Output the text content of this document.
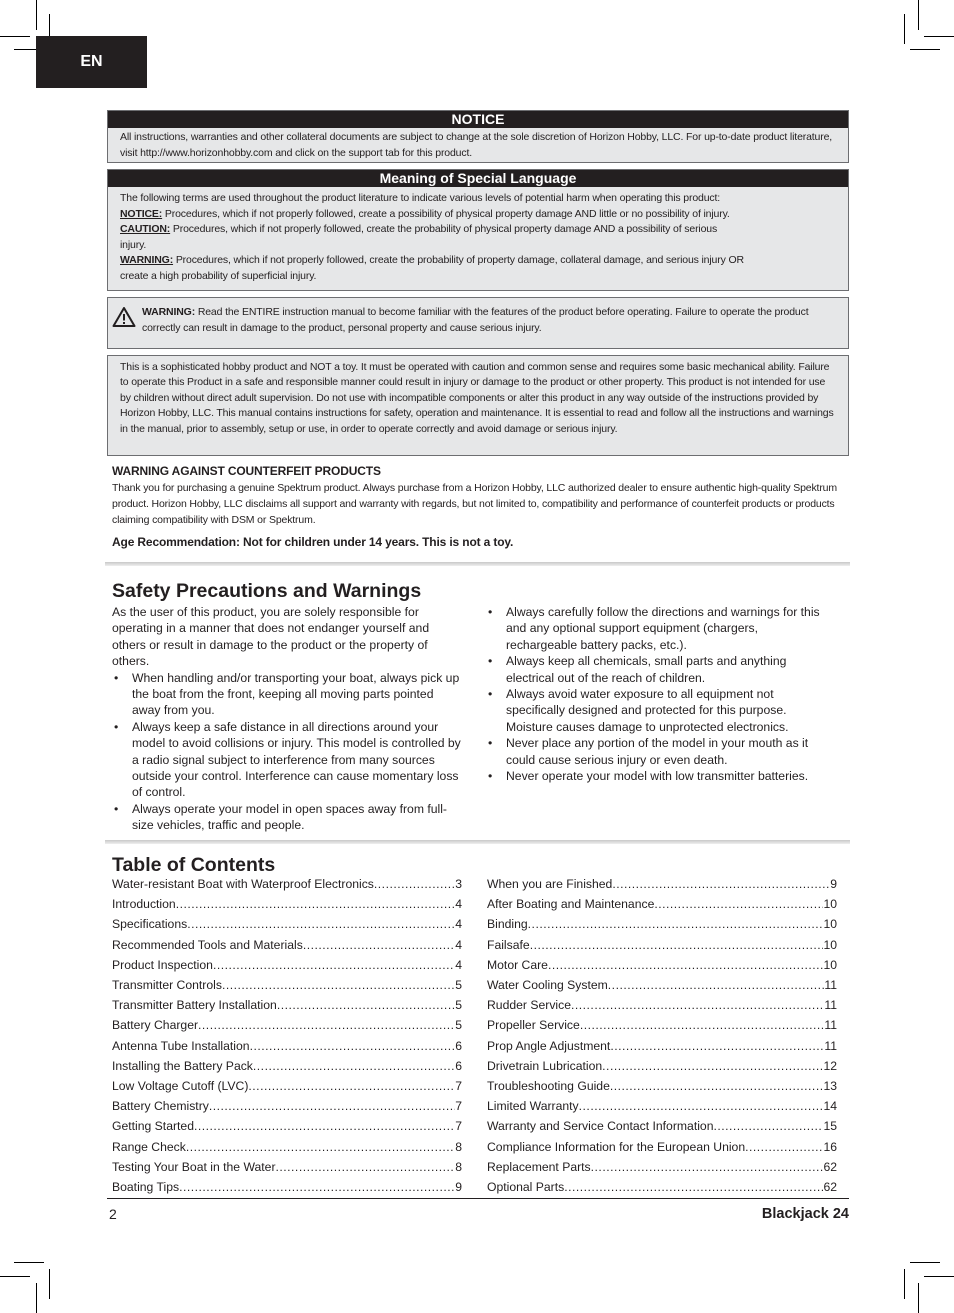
EN
NOTICE
All instructions, warranties and other collateral documents are subject to change at the sole discretion of Horizon Hobby, LLC. For up-to-date product literature, visit http://www.horizonhobby.com and click on the support tab for this product.
Meaning of Special Language
The following terms are used throughout the product literature to indicate various levels of potential harm when operating this product:
NOTICE: Procedures, which if not properly followed, create a possibility of physical property damage AND little or no possibility of injury.
CAUTION: Procedures, which if not properly followed, create the probability of physical property damage AND a possibility of serious injury.
WARNING: Procedures, which if not properly followed, create the probability of property damage, collateral damage, and serious injury OR create a high probability of superficial injury.
WARNING: Read the ENTIRE instruction manual to become familiar with the features of the product before operating. Failure to operate the product correctly can result in damage to the product, personal property and cause serious injury.
This is a sophisticated hobby product and NOT a toy. It must be operated with caution and common sense and requires some basic mechanical ability. Failure to operate this Product in a safe and responsible manner could result in injury or damage to the product or other property. This product is not intended for use by children without direct adult supervision. Do not use with incompatible components or alter this product in any way outside of the instructions provided by Horizon Hobby, LLC. This manual contains instructions for safety, operation and maintenance. It is essential to read and follow all the instructions and warnings in the manual, prior to assembly, setup or use, in order to operate correctly and avoid damage or serious injury.
WARNING AGAINST COUNTERFEIT PRODUCTS
Thank you for purchasing a genuine Spektrum product. Always purchase from a Horizon Hobby, LLC authorized dealer to ensure authentic high-quality Spektrum product. Horizon Hobby, LLC disclaims all support and warranty with regards, but not limited to, compatibility and performance of counterfeit products or products claiming compatibility with DSM or Spektrum.
Age Recommendation: Not for children under 14 years. This is not a toy.
Safety Precautions and Warnings

As the user of this product, you are solely responsible for operating in a manner that does not endanger yourself and others or result in damage to the product or the property of others.

• When handling and/or transporting your boat, always pick up the boat from the front, keeping all moving parts pointed away from you.
• Always keep a safe distance in all directions around your model to avoid collisions or injury. This model is controlled by a radio signal subject to interference from many sources outside your control. Interference can cause momentary loss of control.
• Always operate your model in open spaces away from full-size vehicles, traffic and people.
• Always carefully follow the directions and warnings for this and any optional support equipment (chargers, rechargeable battery packs, etc.).
• Always keep all chemicals, small parts and anything electrical out of the reach of children.
• Always avoid water exposure to all equipment not specifically designed and protected for this purpose. Moisture causes damage to unprotected electronics.
• Never place any portion of the model in your mouth as it could cause serious injury or even death.
• Never operate your model with low transmitter batteries.
Table of Contents
Water-resistant Boat with Waterproof Electronics .....	3
Introduction .....	4
Specifications .....	4
Recommended Tools and Materials .....	4
Product Inspection .....	4
Transmitter Controls .....	5
Transmitter Battery Installation .....	5
Battery Charger .....	5
Antenna Tube Installation .....	6
Installing the Battery Pack .....	6
Low Voltage Cutoff (LVC) .....	7
Battery Chemistry .....	7
Getting Started .....	7
Range Check .....	8
Testing Your Boat in the Water .....	8
Boating Tips .....	9
When you are Finished .....	9
After Boating and Maintenance .....	10
Binding .....	10
Failsafe .....	10
Motor Care .....	10
Water Cooling System .....	11
Rudder Service .....	11
Propeller Service .....	11
Prop Angle Adjustment .....	11
Drivetrain Lubrication .....	12
Troubleshooting Guide .....	13
Limited Warranty .....	14
Warranty and Service Contact Information .....	15
Compliance Information for the European Union .....	16
Replacement Parts .....	62
Optional Parts .....	62
2	Blackjack 24
